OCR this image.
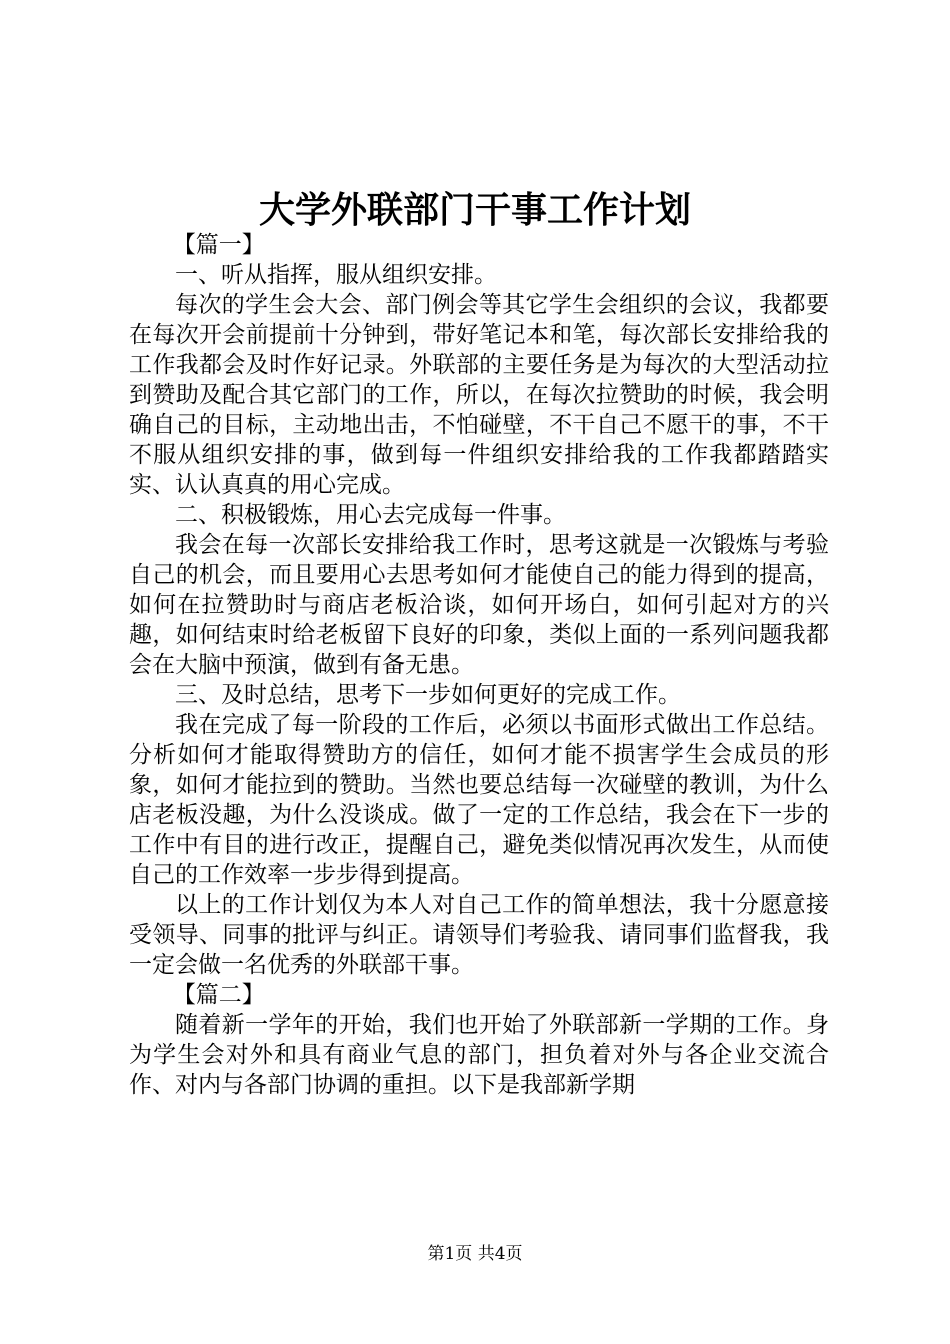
大学外联部门干事工作计划

【篇一】

一、听从指挥，服从组织安排。

每次的学生会大会、部门例会等其它学生会组织的会议，我都要在每次开会前提前十分钟到，带好笔记本和笔，每次部长安排给我的工作我都会及时作好记录。外联部的主要任务是为每次的大型活动拉到赞助及配合其它部门的工作，所以，在每次拉赞助的时候，我会明确自己的目标，主动地出击，不怕碰壁，不干自己不愿干的事，不干不服从组织安排的事，做到每一件组织安排给我的工作我都踏踏实实、认认真真的用心完成。

二、积极锻炼，用心去完成每一件事。

我会在每一次部长安排给我工作时，思考这就是一次锻炼与考验自己的机会，而且要用心去思考如何才能使自己的能力得到的提高，如何在拉赞助时与商店老板洽谈，如何开场白，如何引起对方的兴趣，如何结束时给老板留下良好的印象，类似上面的一系列问题我都会在大脑中预演，做到有备无患。

三、及时总结，思考下一步如何更好的完成工作。

我在完成了每一阶段的工作后，必须以书面形式做出工作总结。分析如何才能取得赞助方的信任，如何才能不损害学生会成员的形象，如何才能拉到的赞助。当然也要总结每一次碰壁的教训，为什么店老板没趣，为什么没谈成。做了一定的工作总结，我会在下一步的工作中有目的进行改正，提醒自己，避免类似情况再次发生，从而使自己的工作效率一步步得到提高。

以上的工作计划仅为本人对自己工作的简单想法，我十分愿意接受领导、同事的批评与纠正。请领导们考验我、请同事们监督我，我一定会做一名优秀的外联部干事。

【篇二】

随着新一学年的开始，我们也开始了外联部新一学期的工作。身为学生会对外和具有商业气息的部门，担负着对外与各企业交流合作、对内与各部门协调的重担。以下是我部新学期

第1页 共4页
